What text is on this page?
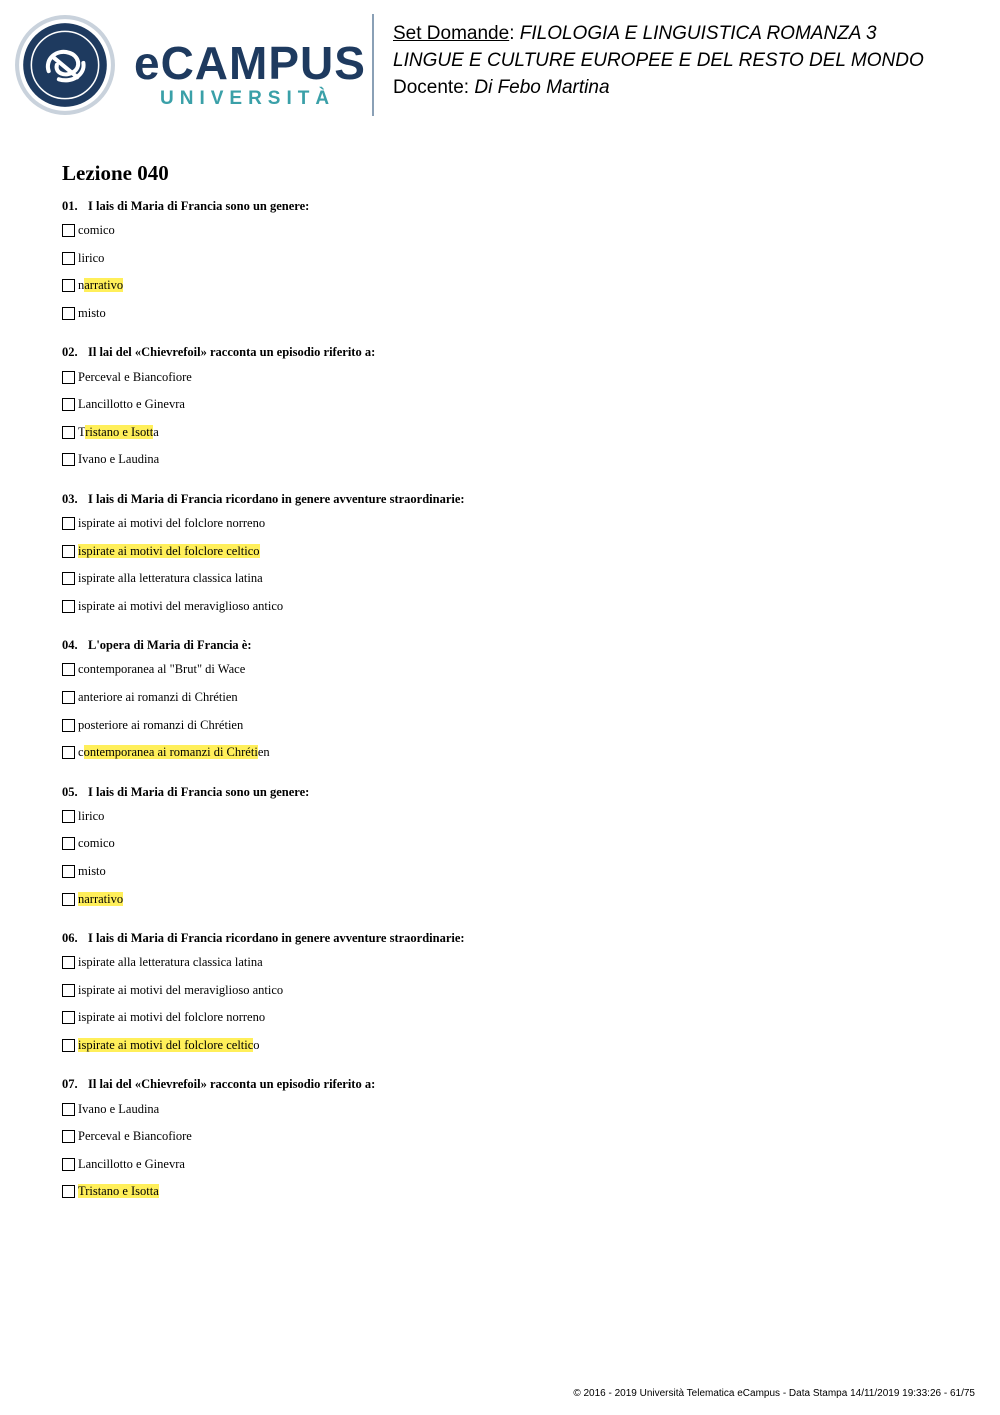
eCAMPUS
UNIVERSITÀ
Set Domande: FILOLOGIA E LINGUISTICA ROMANZA 3
LINGUE E CULTURE EUROPEE E DEL RESTO DEL MONDO
Docente: Di Febo Martina
Lezione 040
01. I lais di Maria di Francia sono un genere:
comico
lirico
narrativo
misto
02. Il lai del «Chievrefoil» racconta un episodio riferito a:
Perceval e Biancofiore
Lancillotto e Ginevra
Tristano e Isotta
Ivano e Laudina
03. I lais di Maria di Francia ricordano in genere avventure straordinarie:
ispirate ai motivi del folclore norreno
ispirate ai motivi del folclore celtico
ispirate alla letteratura classica latina
ispirate ai motivi del meraviglioso antico
04. L'opera di Maria di Francia è:
contemporanea al "Brut" di Wace
anteriore ai romanzi di Chrétien
posteriore ai romanzi di Chrétien
contemporanea ai romanzi di Chrétien
05. I lais di Maria di Francia sono un genere:
lirico
comico
misto
narrativo
06. I lais di Maria di Francia ricordano in genere avventure straordinarie:
ispirate alla letteratura classica latina
ispirate ai motivi del meraviglioso antico
ispirate ai motivi del folclore norreno
ispirate ai motivi del folclore celtico
07. Il lai del «Chievrefoil» racconta un episodio riferito a:
Ivano e Laudina
Perceval e Biancofiore
Lancillotto e Ginevra
Tristano e Isotta
© 2016 - 2019 Università Telematica eCampus - Data Stampa 14/11/2019 19:33:26 - 61/75
